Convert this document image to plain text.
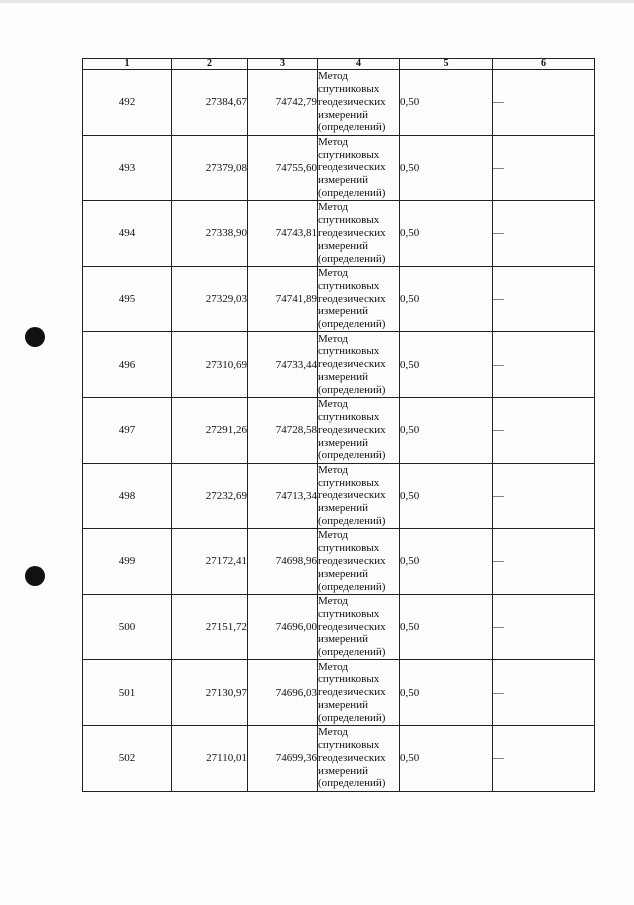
1	2	3	4	5	6
492	27384,67	74742,79	Метод спутниковых геодезических измерений (определений)	0,50	—
493	27379,08	74755,60	Метод спутниковых геодезических измерений (определений)	0,50	—
494	27338,90	74743,81	Метод спутниковых геодезических измерений (определений)	0,50	—
495	27329,03	74741,89	Метод спутниковых геодезических измерений (определений)	0,50	—
496	27310,69	74733,44	Метод спутниковых геодезических измерений (определений)	0,50	—
497	27291,26	74728,58	Метод спутниковых геодезических измерений (определений)	0,50	—
498	27232,69	74713,34	Метод спутниковых геодезических измерений (определений)	0,50	—
499	27172,41	74698,96	Метод спутниковых геодезических измерений (определений)	0,50	—
500	27151,72	74696,00	Метод спутниковых геодезических измерений (определений)	0,50	—
501	27130,97	74696,03	Метод спутниковых геодезических измерений (определений)	0,50	—
502	27110,01	74699,36	Метод спутниковых геодезических измерений (определений)	0,50	—
